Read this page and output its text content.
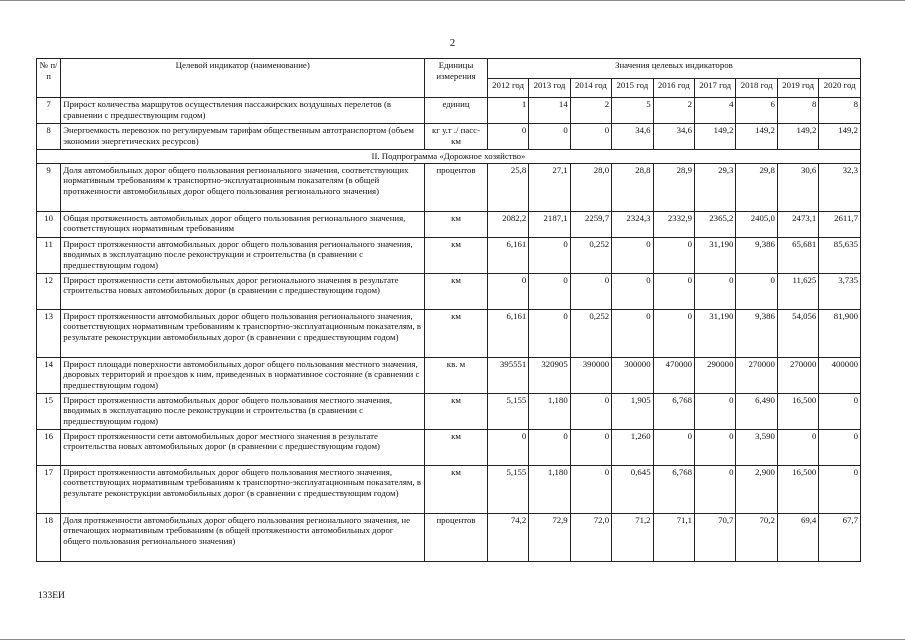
2
№ п/п	Целевой индикатор (наименование)	Единицы измерения	Значения целевых индикаторов								
			2012 год	2013 год	2014 год	2015 год	2016 год	2017 год	2018 год	2019 год	2020 год
7	Прирост количества маршрутов осуществления пассажирских воздушных перелетов (в сравнении с предшествующим годом)	единиц	1	14	2	5	2	4	6	8	8
8	Энергоемкость перевозок по регулируемым тарифам общественным автотранспортом (объем экономии энергетических ресурсов)	кг у.т ./ пасс-км	0	0	0	34,6	34,6	149,2	149,2	149,2	149,2
II. Подпрограмма «Дорожное хозяйство»											
9	Доля автомобильных дорог общего пользования регионального значения, соответствующих нормативным требованиям к транспортно-эксплуатационным показателям (в общей протяженности автомобильных дорог общего пользования регионального значения)	процентов	25,8	27,1	28,0	28,8	28,9	29,3	29,8	30,6	32,3
10	Общая протяженность автомобильных дорог общего пользования регионального значения, соответствующих нормативным требованиям	км	2082,2	2187,1	2259,7	2324,3	2332,9	2365,2	2405,0	2473,1	2611,7
11	Прирост протяженности автомобильных дорог общего пользования регионального значения, вводимых в эксплуатацию после реконструкции и строительства (в сравнении с предшествующим годом)	км	6,161	0	0,252	0	0	31,190	9,386	65,681	85,635
12	Прирост протяженности сети автомобильных дорог регионального значения в результате строительства новых автомобильных дорог (в сравнении с предшествующим годом)	км	0	0	0	0	0	0	0	11,625	3,735
13	Прирост протяженности автомобильных дорог общего пользования регионального значения, соответствующих нормативным требованиям к транспортно-эксплуатационным показателям, в результате реконструкции автомобильных дорог (в сравнении с предшествующим годом)	км	6,161	0	0,252	0	0	31,190	9,386	54,056	81,900
14	Прирост площади поверхности автомобильных дорог общего пользования местного значения, дворовых территорий и проездов к ним, приведенных в нормативное состояние (в сравнении с предшествующим годом)	кв. м	395551	320905	390000	300000	470000	290000	270000	270000	400000
15	Прирост протяженности автомобильных дорог общего пользования местного значения, вводимых в эксплуатацию после реконструкции и строительства (в сравнении с предшествующим годом)	км	5,155	1,180	0	1,905	6,768	0	6,490	16,500	0
16	Прирост протяженности сети автомобильных дорог местного значения в результате строительства новых автомобильных дорог (в сравнении с предшествующим годом)	км	0	0	0	1,260	0	0	3,590	0	0
17	Прирост протяженности автомобильных дорог общего пользования местного значения, соответствующих нормативным требованиям к транспортно-эксплуатационным показателям, в результате реконструкции автомобильных дорог (в сравнении с предшествующим годом)	км	5,155	1,180	0	0,645	6,768	0	2,900	16,500	0
18	Доля протяженности автомобильных дорог общего пользования регионального значения, не отвечающих нормативным требованиям (в общей протяженности автомобильных дорог общего пользования регионального значения)	процентов	74,2	72,9	72,0	71,2	71,1	70,7	70,2	69,4	67,7
133ЕИ
